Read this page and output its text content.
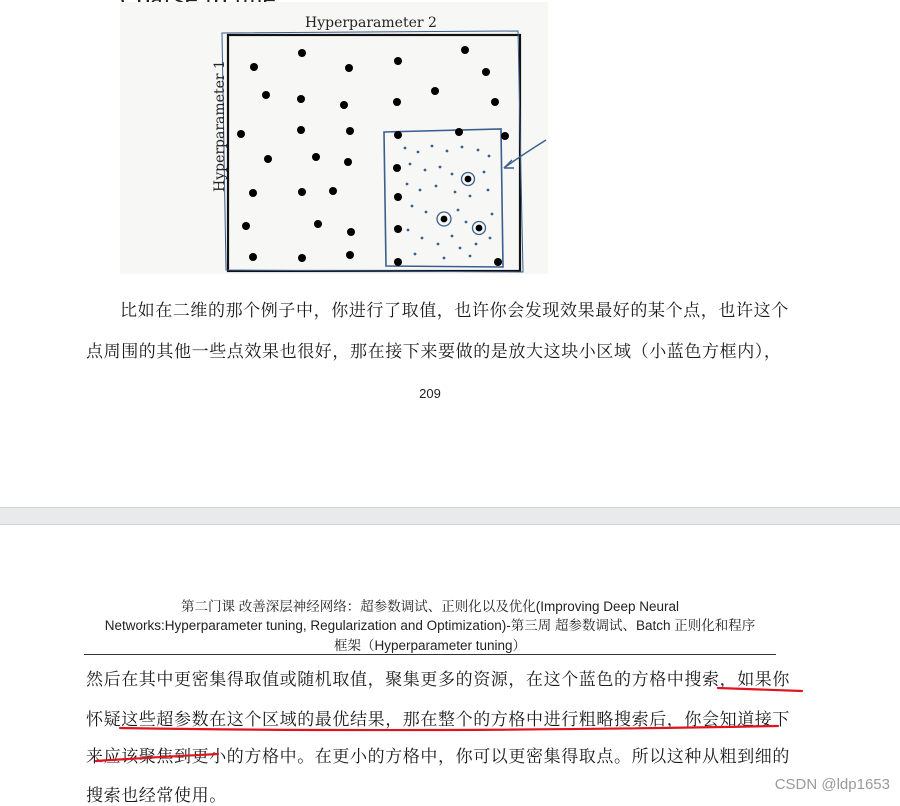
Hyperparameter 2
Hyperparameter 1
比如在二维的那个例子中，你进行了取值，也许你会发现效果最好的某个点，也许这个
点周围的其他一些点效果也很好，那在接下来要做的是放大这块小区域（小蓝色方框内），
209
第二门课 改善深层神经网络：超参数调试、正则化以及优化(Improving Deep Neural
Networks:Hyperparameter tuning, Regularization and Optimization)-第三周 超参数调试、Batch 正则化和程序
框架（Hyperparameter tuning）
然后在其中更密集得取值或随机取值，聚集更多的资源，在这个蓝色的方格中搜索，如果你
怀疑这些超参数在这个区域的最优结果，那在整个的方格中进行粗略搜索后，你会知道接下
来应该聚焦到更小的方格中。在更小的方格中，你可以更密集得取点。所以这种从粗到细的
搜索也经常使用。
CSDN @ldp1653
